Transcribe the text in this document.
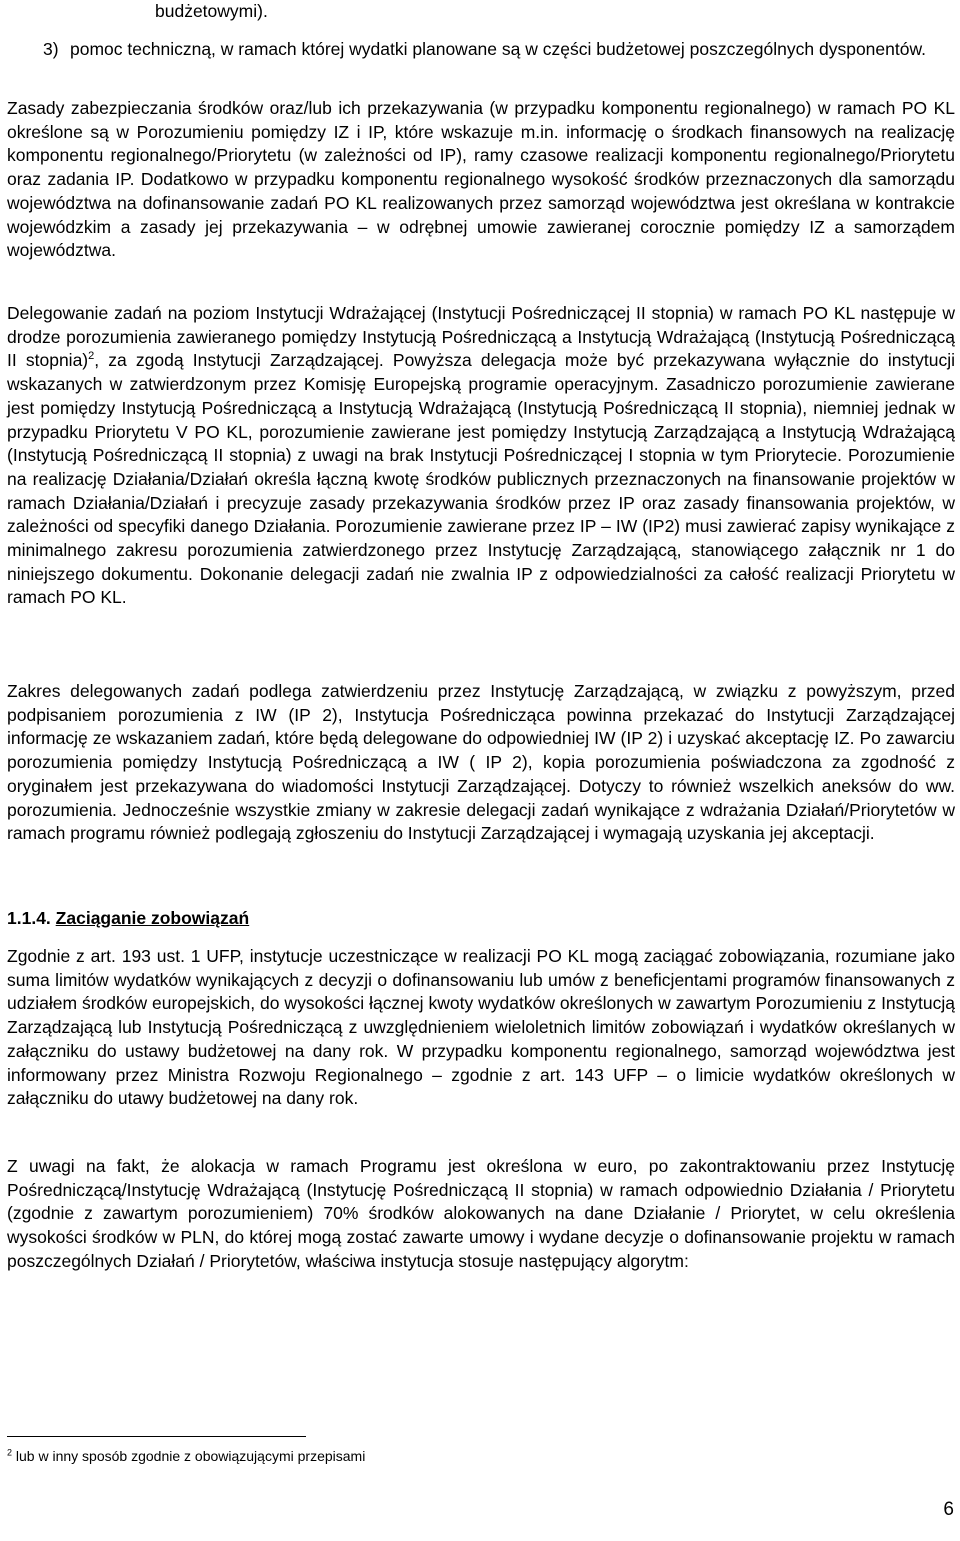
budżetowymi).
3) pomoc techniczną, w ramach której wydatki planowane są w części budżetowej poszczególnych dysponentów.

Zasady zabezpieczania środków oraz/lub ich przekazywania (w przypadku komponentu regionalnego) w ramach PO KL określone są w Porozumieniu pomiędzy IZ i IP, które wskazuje m.in. informację o środkach finansowych na realizację komponentu regionalnego/Priorytetu (w zależności od IP), ramy czasowe realizacji komponentu regionalnego/Priorytetu oraz zadania IP. Dodatkowo w przypadku komponentu regionalnego wysokość środków przeznaczonych dla samorządu województwa na dofinansowanie zadań PO KL realizowanych przez samorząd województwa jest określana w kontrakcie wojewódzkim a zasady jej przekazywania – w odrębnej umowie zawieranej corocznie pomiędzy IZ a samorządem województwa.

Delegowanie zadań na poziom Instytucji Wdrażającej (Instytucji Pośredniczącej II stopnia) w ramach PO KL następuje w drodze porozumienia zawieranego pomiędzy Instytucją Pośredniczącą a Instytucją Wdrażającą (Instytucją Pośredniczącą II stopnia)$^2$, za zgodą Instytucji Zarządzającej. Powyższa delegacja może być przekazywana wyłącznie do instytucji wskazanych w zatwierdzonym przez Komisję Europejską programie operacyjnym. Zasadniczo porozumienie zawierane jest pomiędzy Instytucją Pośredniczącą a Instytucją Wdrażającą (Instytucją Pośredniczącą II stopnia), niemniej jednak w przypadku Priorytetu V PO KL, porozumienie zawierane jest pomiędzy Instytucją Zarządzającą a Instytucją Wdrażającą (Instytucją Pośredniczącą II stopnia) z uwagi na brak Instytucji Pośredniczącej I stopnia w tym Priorytecie. Porozumienie na realizację Działania/Działań określa łączną kwotę środków publicznych przeznaczonych na finansowanie projektów w ramach Działania/Działań i precyzuje zasady przekazywania środków przez IP oraz zasady finansowania projektów, w zależności od specyfiki danego Działania. Porozumienie zawierane przez IP – IW (IP2) musi zawierać zapisy wynikające z minimalnego zakresu porozumienia zatwierdzonego przez Instytucję Zarządzającą, stanowiącego załącznik nr 1 do niniejszego dokumentu. Dokonanie delegacji zadań nie zwalnia IP z odpowiedzialności za całość realizacji Priorytetu w ramach PO KL.

Zakres delegowanych zadań podlega zatwierdzeniu przez Instytucję Zarządzającą, w związku z powyższym, przed podpisaniem porozumienia z IW (IP 2), Instytucja Pośrednicząca powinna przekazać do Instytucji Zarządzającej informację ze wskazaniem zadań, które będą delegowane do odpowiedniej IW (IP 2) i uzyskać akceptację IZ. Po zawarciu porozumienia pomiędzy Instytucją Pośredniczącą a IW ( IP 2), kopia porozumienia poświadczona za zgodność z oryginałem jest przekazywana do wiadomości Instytucji Zarządzającej. Dotyczy to również wszelkich aneksów do ww. porozumienia. Jednocześnie wszystkie zmiany w zakresie delegacji zadań wynikające z wdrażania Działań/Priorytetów w ramach programu również podlegają zgłoszeniu do Instytucji Zarządzającej i wymagają uzyskania jej akceptacji.

1.1.4. Zaciąganie zobowiązań

Zgodnie z art. 193 ust. 1 UFP, instytucje uczestniczące w realizacji PO KL mogą zaciągać zobowiązania, rozumiane jako suma limitów wydatków wynikających z decyzji o dofinansowaniu lub umów z beneficjentami programów finansowanych z udziałem środków europejskich, do wysokości łącznej kwoty wydatków określonych w zawartym Porozumieniu z Instytucją Zarządzającą lub Instytucją Pośredniczącą z uwzględnieniem wieloletnich limitów zobowiązań i wydatków określanych w załączniku do ustawy budżetowej na dany rok. W przypadku komponentu regionalnego, samorząd województwa jest informowany przez Ministra Rozwoju Regionalnego – zgodnie z art. 143 UFP – o limicie wydatków określonych w załączniku do utawy budżetowej na dany rok.

Z uwagi na fakt, że alokacja w ramach Programu jest określona w euro, po zakontraktowaniu przez Instytucję Pośredniczącą/Instytucję Wdrażającą (Instytucję Pośredniczącą II stopnia) w ramach odpowiednio Działania / Priorytetu (zgodnie z zawartym porozumieniem) 70% środków alokowanych na dane Działanie / Priorytet, w celu określenia wysokości środków w PLN, do której mogą zostać zawarte umowy i wydane decyzje o dofinansowanie projektu w ramach poszczególnych Działań / Priorytetów, właściwa instytucja stosuje następujący algorytm:

$^2$ lub w inny sposób zgodnie z obowiązującymi przepisami

6
